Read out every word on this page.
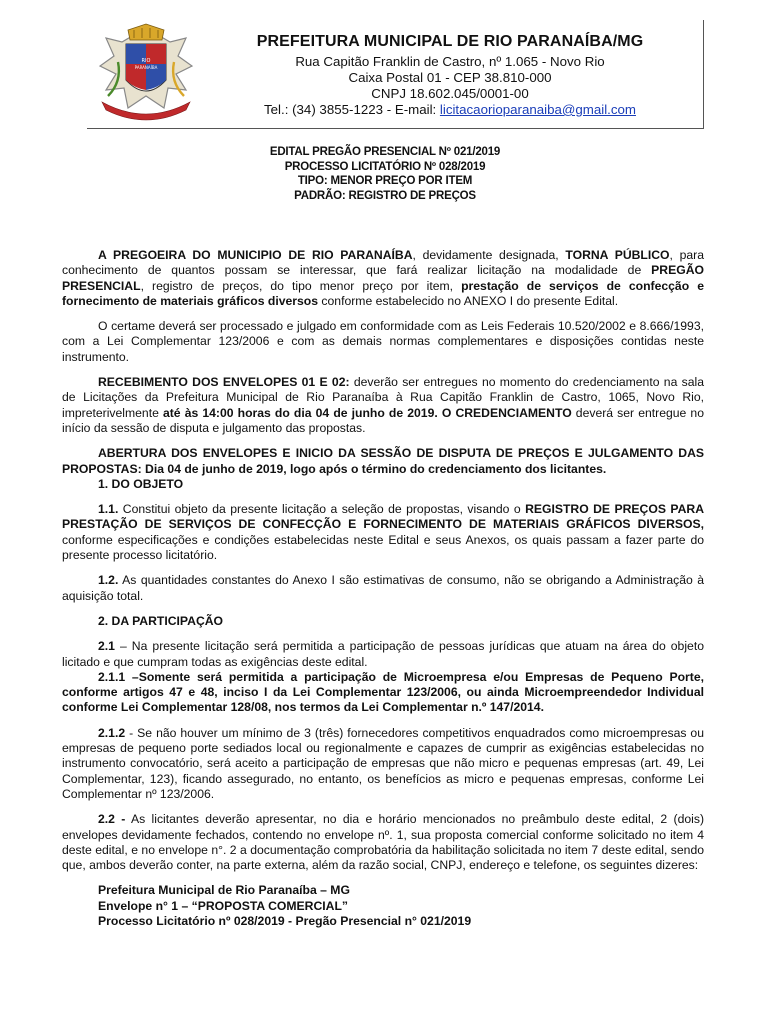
RIO
PARANAÍBA
PREFEITURA MUNICIPAL DE RIO PARANAÍBA/MG
Rua Capitão Franklin de Castro, nº 1.065 - Novo Rio
Caixa Postal 01 - CEP 38.810-000
CNPJ 18.602.045/0001-00
Tel.: (34) 3855-1223 - E-mail: licitacaorioparanaiba@gmail.com
EDITAL PREGÃO PRESENCIAL Nº 021/2019
PROCESSO LICITATÓRIO Nº 028/2019
TIPO: MENOR PREÇO POR ITEM
PADRÃO: REGISTRO DE PREÇOS

A PREGOEIRA DO MUNICIPIO DE RIO PARANAÍBA, devidamente designada, TORNA PÚBLICO, para conhecimento de quantos possam se interessar, que fará realizar licitação na modalidade de PREGÃO PRESENCIAL, registro de preços, do tipo menor preço por item, prestação de serviços de confecção e fornecimento de materiais gráficos diversos conforme estabelecido no ANEXO I do presente Edital.

O certame deverá ser processado e julgado em conformidade com as Leis Federais 10.520/2002 e 8.666/1993, com a Lei Complementar 123/2006 e com as demais normas complementares e disposições contidas neste instrumento.

RECEBIMENTO DOS ENVELOPES 01 E 02: deverão ser entregues no momento do credenciamento na sala de Licitações da Prefeitura Municipal de Rio Paranaíba à Rua Capitão Franklin de Castro, 1065, Novo Rio, impreterivelmente até às 14:00 horas do dia 04 de junho de 2019. O CREDENCIAMENTO deverá ser entregue no início da sessão de disputa e julgamento das propostas.

ABERTURA DOS ENVELOPES E INICIO DA SESSÃO DE DISPUTA DE PREÇOS E JULGAMENTO DAS PROPOSTAS: Dia 04 de junho de 2019, logo após o término do credenciamento dos licitantes.

1. DO OBJETO

1.1. Constitui objeto da presente licitação a seleção de propostas, visando o REGISTRO DE PREÇOS PARA PRESTAÇÃO DE SERVIÇOS DE CONFECÇÃO E FORNECIMENTO DE MATERIAIS GRÁFICOS DIVERSOS, conforme especificações e condições estabelecidas neste Edital e seus Anexos, os quais passam a fazer parte do presente processo licitatório.

1.2. As quantidades constantes do Anexo I são estimativas de consumo, não se obrigando a Administração à aquisição total.

2. DA PARTICIPAÇÃO

2.1 – Na presente licitação será permitida a participação de pessoas jurídicas que atuam na área do objeto licitado e que cumpram todas as exigências deste edital.

2.1.1 –Somente será permitida a participação de Microempresa e/ou Empresas de Pequeno Porte, conforme artigos 47 e 48, inciso I da Lei Complementar 123/2006, ou ainda Microempreendedor Individual conforme Lei Complementar 128/08, nos termos da Lei Complementar n.º 147/2014.

2.1.2 - Se não houver um mínimo de 3 (três) fornecedores competitivos enquadrados como microempresas ou empresas de pequeno porte sediados local ou regionalmente e capazes de cumprir as exigências estabelecidas no instrumento convocatório, será aceito a participação de empresas que não micro e pequenas empresas (art. 49, Lei Complementar, 123), ficando assegurado, no entanto, os benefícios as micro e pequenas empresas, conforme Lei Complementar nº 123/2006.

2.2 - As licitantes deverão apresentar, no dia e horário mencionados no preâmbulo deste edital, 2 (dois) envelopes devidamente fechados, contendo no envelope nº. 1, sua proposta comercial conforme solicitado no item 4 deste edital, e no envelope n°. 2 a documentação comprobatória da habilitação solicitada no item 7 deste edital, sendo que, ambos deverão conter, na parte externa, além da razão social, CNPJ, endereço e telefone, os seguintes dizeres:

Prefeitura Municipal de Rio Paranaíba – MG
Envelope n° 1 – “PROPOSTA COMERCIAL”
Processo Licitatório nº 028/2019 - Pregão Presencial n° 021/2019
